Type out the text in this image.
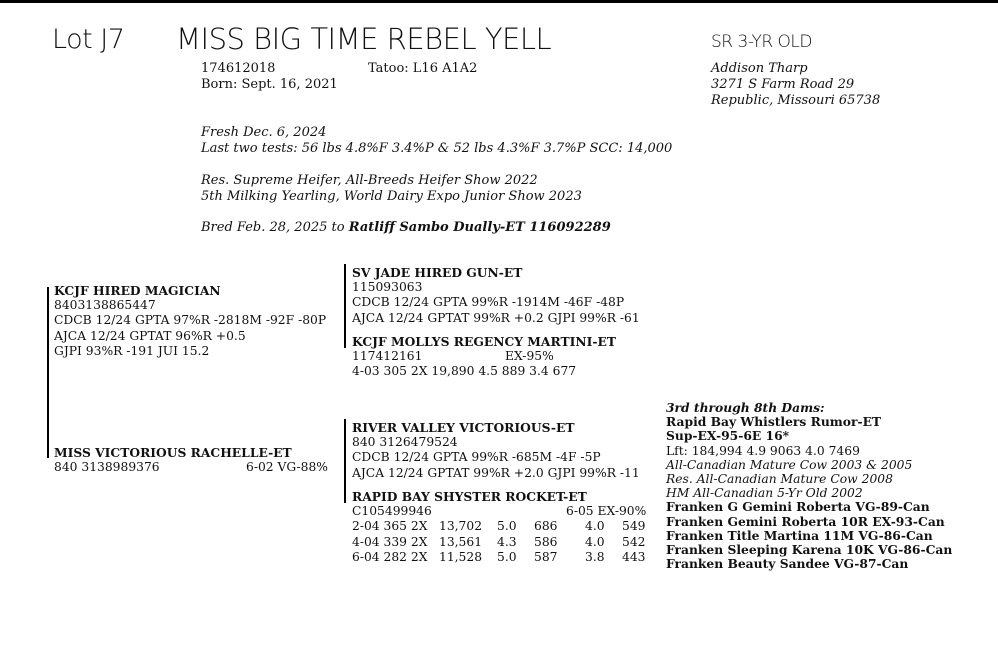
Lot J7 MISS BIG TIME REBEL YELL	SR 3-YR OLD
174612018	Tatoo: L16 A1A2
Born: Sept. 16, 2021
Addison Tharp
3271 S Farm Road 29
Republic, Missouri 65738
Fresh Dec. 6, 2024
Last two tests: 56 lbs 4.8%F 3.4%P & 52 lbs 4.3%F 3.7%P SCC: 14,000
Res. Supreme Heifer, All-Breeds Heifer Show 2022
5th Milking Yearling, World Dairy Expo Junior Show 2023
Bred Feb. 28, 2025 to Ratliff Sambo Dually-ET 116092289
KCJF HIRED MAGICIAN
8403138865447
CDCB 12/24 GPTA 97%R -2818M -92F -80P
AJCA 12/24 GPTAT 96%R +0.5
GJPI 93%R -191 JUI 15.2
SV JADE HIRED GUN-ET
115093063
CDCB 12/24 GPTA 99%R -1914M -46F -48P
AJCA 12/24 GPTAT 99%R +0.2 GJPI 99%R -61
KCJF MOLLYS REGENCY MARTINI-ET
117412161	EX-95%
4-03 305 2X 19,890 4.5 889 3.4 677
MISS VICTORIOUS RACHELLE-ET
840 3138989376	6-02 VG-88%
RIVER VALLEY VICTORIOUS-ET
840 3126479524
CDCB 12/24 GPTA 99%R -685M -4F -5P
AJCA 12/24 GPTAT 99%R +2.0 GJPI 99%R -11
RAPID BAY SHYSTER ROCKET-ET
C105499946	6-05 EX-90%
2-04 365 2X 13,702 5.0 686 4.0 549
4-04 339 2X 13,561 4.3 586 4.0 542
6-04 282 2X 11,528 5.0 587 3.8 443
3rd through 8th Dams:
Rapid Bay Whistlers Rumor-ET
Sup-EX-95-6E 16*
Lft: 184,994 4.9 9063 4.0 7469
All-Canadian Mature Cow 2003 & 2005
Res. All-Canadian Mature Cow 2008
HM All-Canadian 5-Yr Old 2002
Franken G Gemini Roberta VG-89-Can
Franken Gemini Roberta 10R EX-93-Can
Franken Title Martina 11M VG-86-Can
Franken Sleeping Karena 10K VG-86-Can
Franken Beauty Sandee VG-87-Can
